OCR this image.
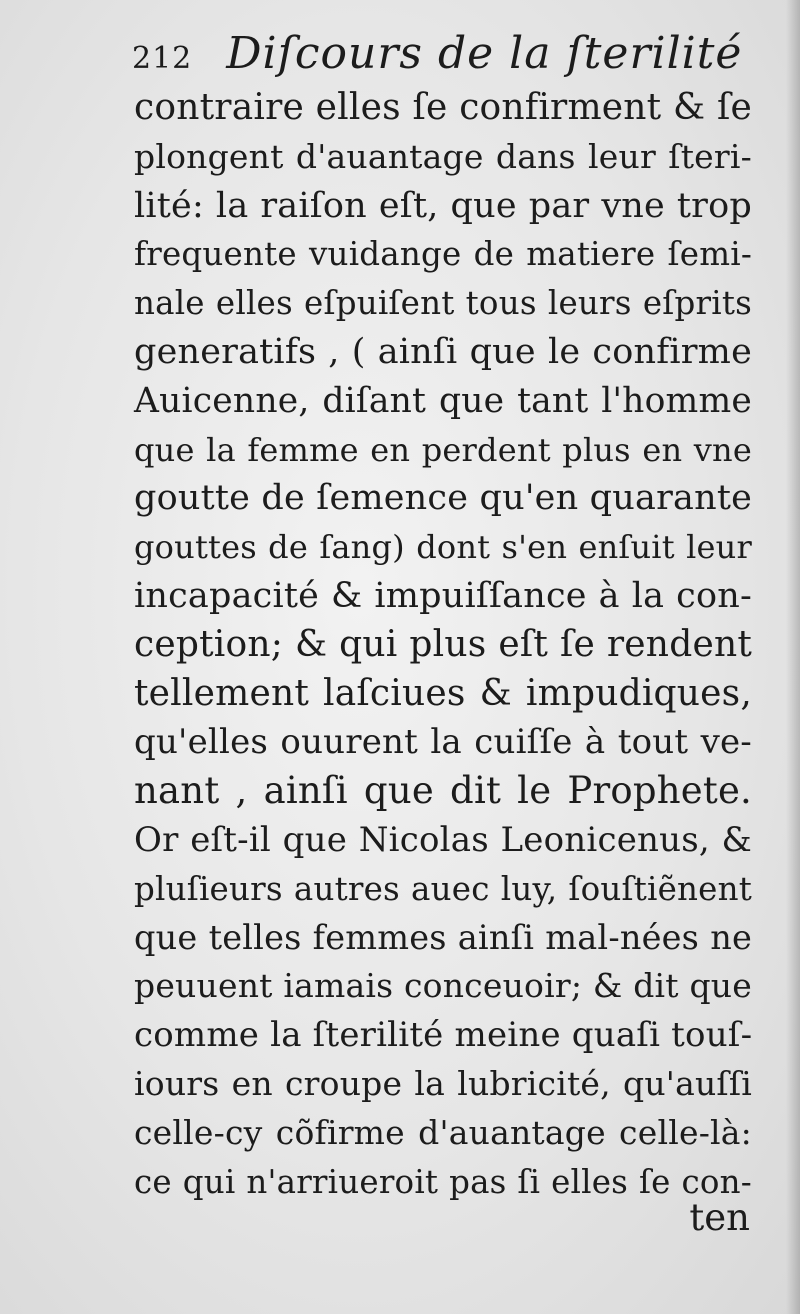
212 Diſcours de la ſterilité
contraire elles ſe confirment & ſe
plongent d'auantage dans leur ſteri-
lité: la raiſon eſt, que par vne trop
frequente vuidange de matiere ſemi-
nale elles eſpuiſent tous leurs eſprits
generatifs , ( ainſi que le confirme
Auicenne, diſant que tant l'homme
que la femme en perdent plus en vne
goutte de ſemence qu'en quarante
gouttes de ſang) dont s'en enſuit leur
incapacité & impuiſſance à la con-
ception; & qui plus eſt ſe rendent
tellement laſciues & impudiques,
qu'elles ouurent la cuiſſe à tout ve-
nant , ainſi que dit le Prophete.
Or eſt-il que Nicolas Leonicenus, &
pluſieurs autres auec luy, ſouſtiẽnent
que telles femmes ainſi mal-nées ne
peuuent iamais conceuoir; & dit que
comme la ſterilité meine quaſi touſ-
iours en croupe la lubricité, qu'auſſi
celle-cy cõfirme d'auantage celle-là:
ce qui n'arriueroit pas ſi elles ſe con-
ten
